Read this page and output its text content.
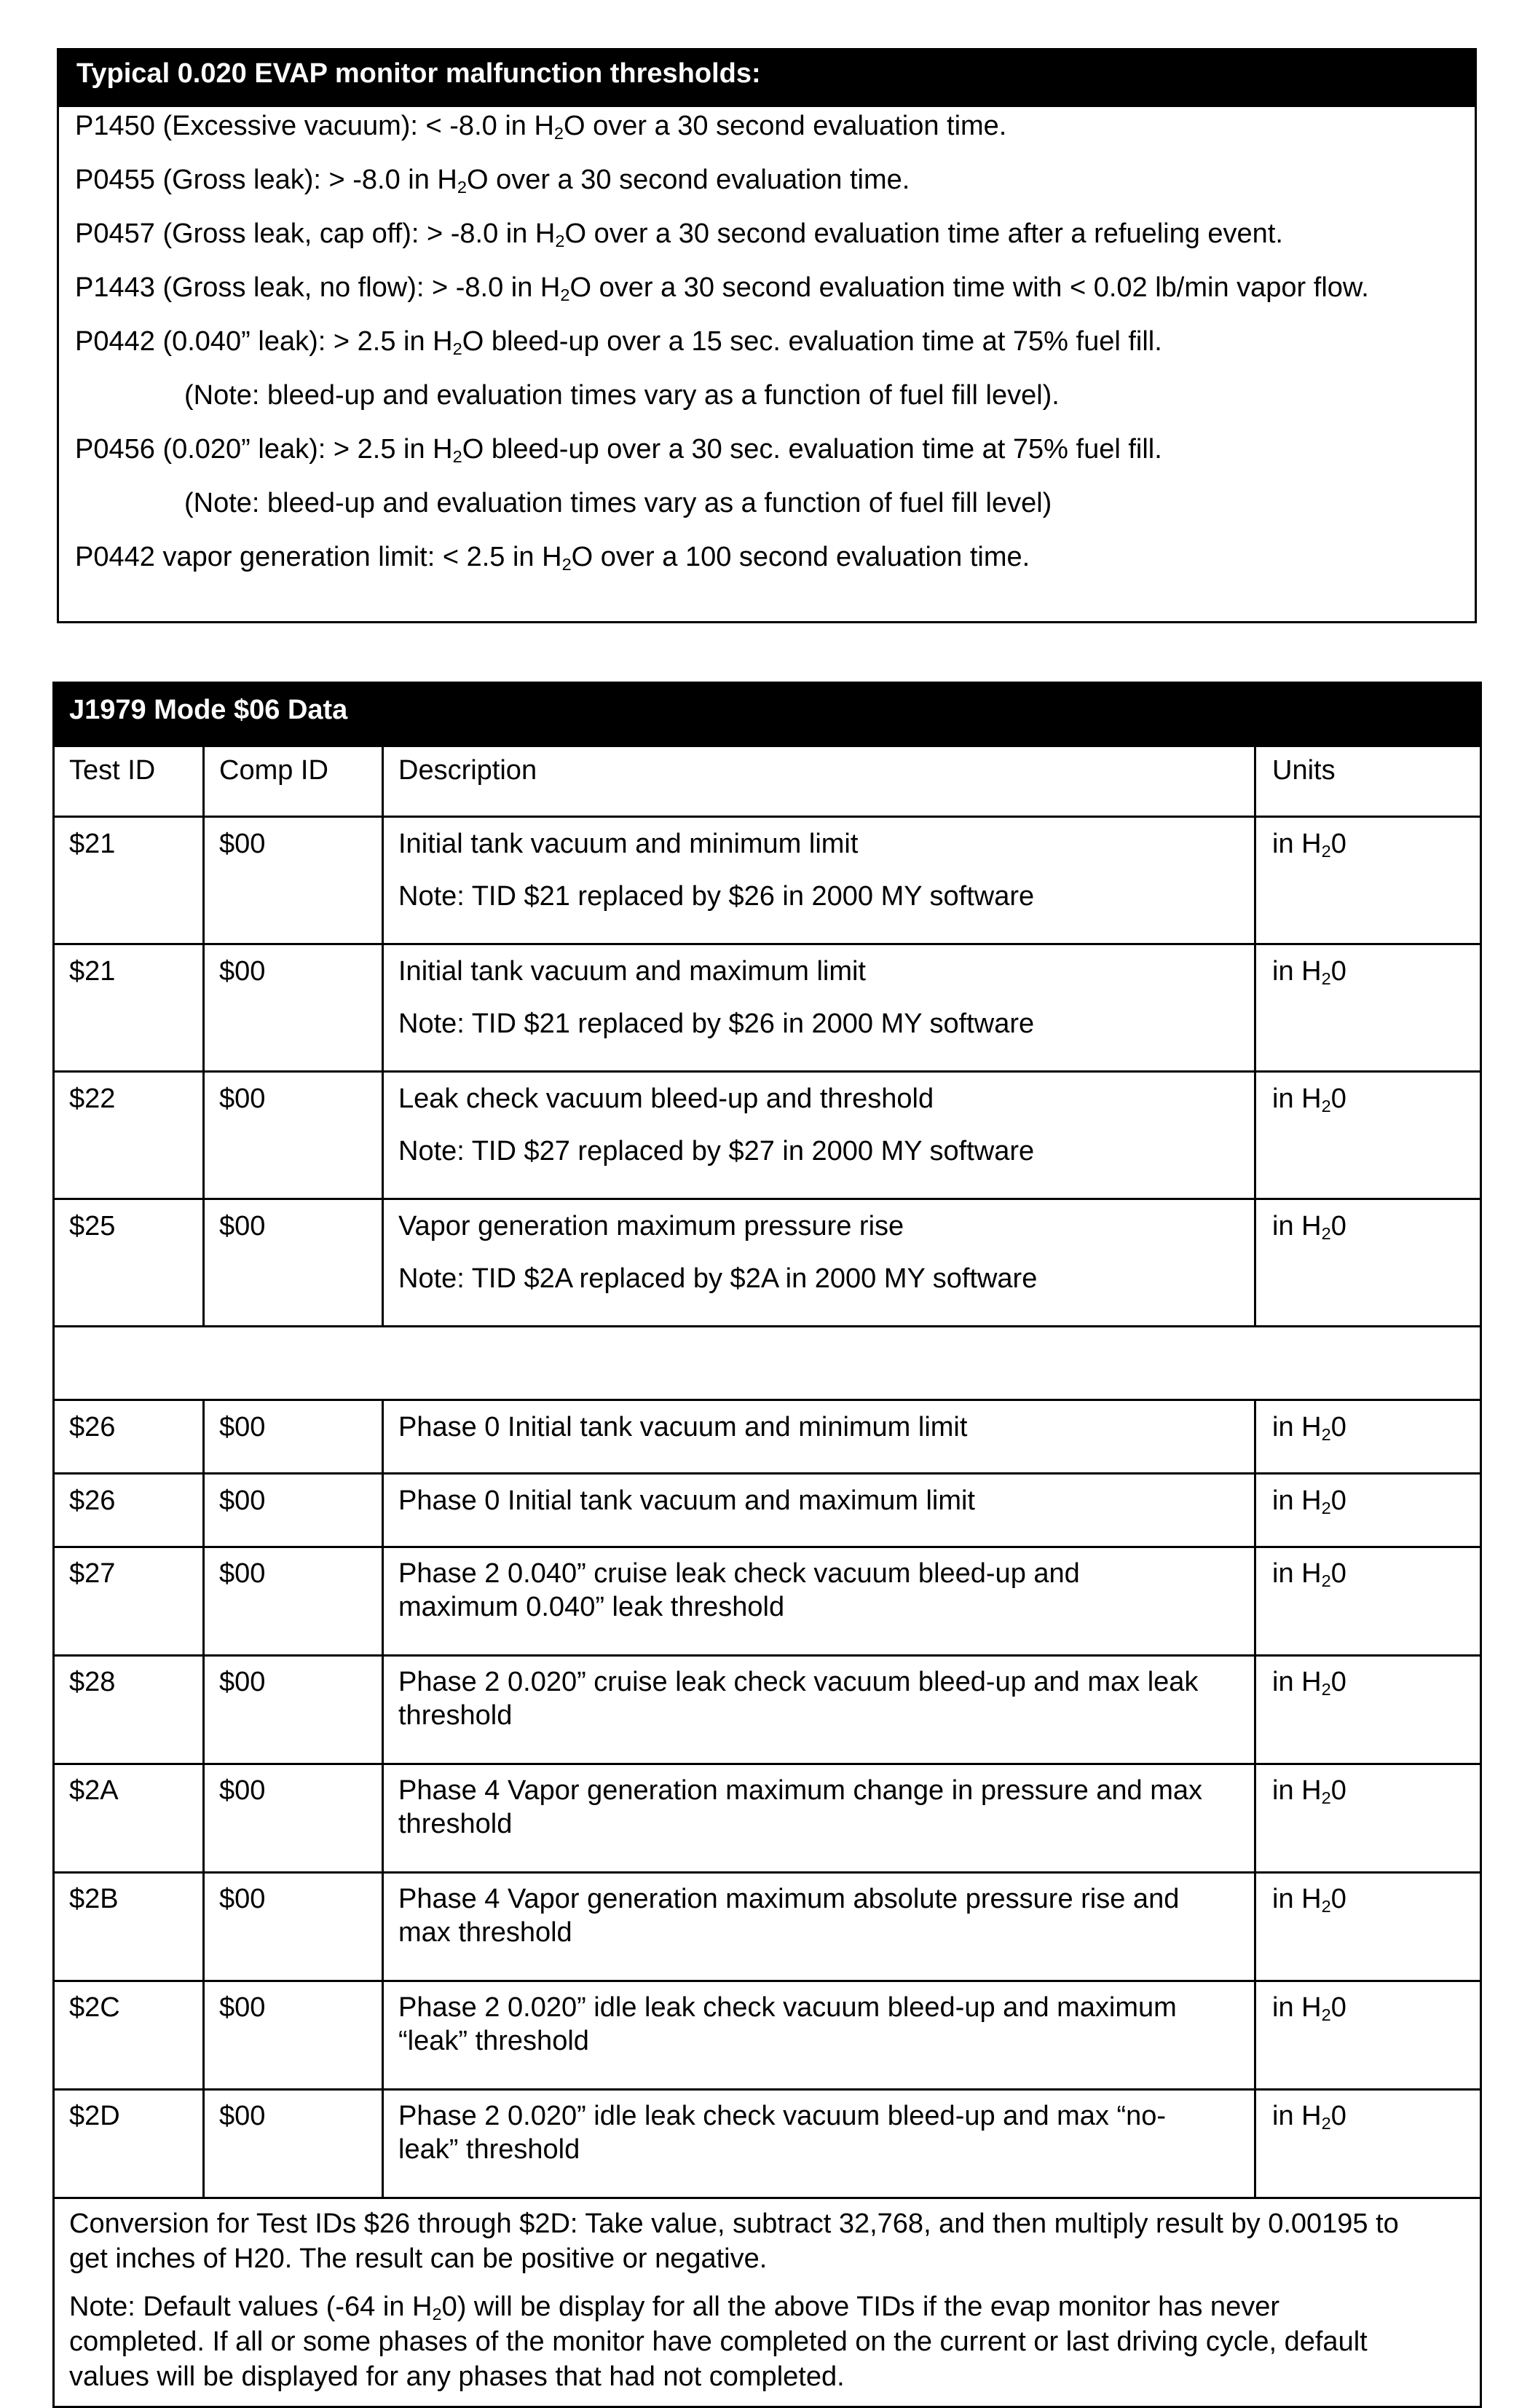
Typical 0.020 EVAP monitor malfunction thresholds:
P1450 (Excessive vacuum): < -8.0 in $H_2O$ over a 30 second evaluation time.
P0455 (Gross leak): > -8.0 in $H_2O$ over a 30 second evaluation time.
P0457 (Gross leak, cap off): > -8.0 in $H_2O$ over a 30 second evaluation time after a refueling event.
P1443 (Gross leak, no flow): > -8.0 in $H_2O$ over a 30 second evaluation time with < 0.02 lb/min vapor flow.
P0442 (0.040” leak): > 2.5 in $H_2O$ bleed-up over a 15 sec. evaluation time at 75% fuel fill.
(Note: bleed-up and evaluation times vary as a function of fuel fill level).
P0456 (0.020” leak): > 2.5 in $H_2O$ bleed-up over a 30 sec. evaluation time at 75% fuel fill.
(Note: bleed-up and evaluation times vary as a function of fuel fill level)
P0442 vapor generation limit: < 2.5 in $H_2O$ over a 100 second evaluation time.
J1979 Mode $06 Data			
Test ID	Comp ID	Description	Units
$21	$00	Initial tank vacuum and minimum limit
Note: TID $21 replaced by $26 in 2000 MY software	in $H_20$
$21	$00	Initial tank vacuum and maximum limit
Note: TID $21 replaced by $26 in 2000 MY software	in $H_20$
$22	$00	Leak check vacuum bleed-up and threshold
Note: TID $27 replaced by $27 in 2000 MY software	in $H_20$
$25	$00	Vapor generation maximum pressure rise
Note: TID $2A replaced by $2A in 2000 MY software	in $H_20$

$26	$00	Phase 0 Initial tank vacuum and minimum limit	in $H_20$
$26	$00	Phase 0 Initial tank vacuum and maximum limit	in $H_20$
$27	$00	Phase 2 0.040” cruise leak check vacuum bleed-up and
maximum 0.040” leak threshold	in $H_20$
$28	$00	Phase 2 0.020” cruise leak check vacuum bleed-up and max leak
threshold	in $H_20$
$2A	$00	Phase 4 Vapor generation maximum change in pressure and max
threshold	in $H_20$
$2B	$00	Phase 4 Vapor generation maximum absolute pressure rise and
max threshold	in $H_20$
$2C	$00	Phase 2 0.020” idle leak check vacuum bleed-up and maximum
“leak” threshold	in $H_20$
$2D	$00	Phase 2 0.020” idle leak check vacuum bleed-up and max “no-
leak” threshold	in $H_20$

Conversion for Test IDs $26 through $2D: Take value, subtract 32,768, and then multiply result by 0.00195 to
get inches of H20. The result can be positive or negative.

Note: Default values (-64 in $H_20$) will be display for all the above TIDs if the evap monitor has never
completed. If all or some phases of the monitor have completed on the current or last driving cycle, default
values will be displayed for any phases that had not completed.			
